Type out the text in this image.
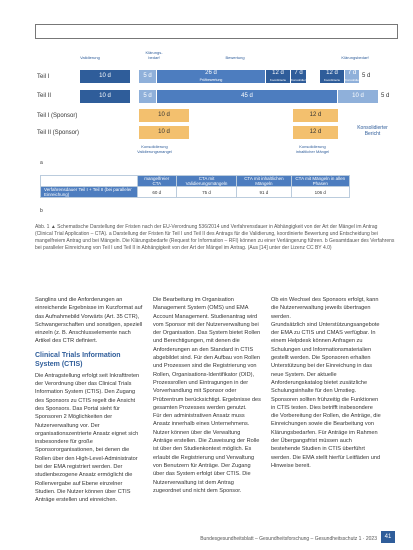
Validierung
Klärungs-
bedarf	Bewertung	Klärungsbedarf
Teil I
Teil II
Teil I (Sponsor)
Teil II (Sponsor)
10 d	5 d	26 d
Prüfbewertung
12 d
Koordinierte Bewertung
7 d
Konsolidierung
12 d
Koordinierte Bewertung
7 d
Konsolidierung
5 d
10 d	5 d	45 d	10 d	5 d
10 d	12 d
10 d	12 d
Konsolidierung
Validierungsmangel
Konsolidierung
inhaltlicher Mängel
Konsolidierter
Bericht
a
	mangelfreier CTA	CTA mit Validierungsmängeln	CTA mit inhaltlichen Mängeln	CTA mit Mängeln in allen Phasen
Verfahrensdauer Teil I + Teil II (bei paralleler Einreichung)	60 d	75 d	91 d	106 d
b
Abb. 1 ▲ Schematische Darstellung der Fristen nach der EU-Verordnung 536/2014 und Verfahrensdauer in Abhängigkeit von der Art der Mängel im Antrag (Clinical Trial Application – CTA). a Darstellung der Fristen für Teil I und Teil II des Antrags für die Validierung, koordinierte Bewertung und Entscheidung bei mangelfreiem Antrag und bei Mängeln. Die Klärungsbedarfe (Request for Information – RFI) können zu einer Verlängerung führen. b Gesamtdauer des Verfahrens bei paralleler Einreichung von Teil I und Teil II in Abhängigkeit von der Art der Mängel im Antrag. (Aus [14] unter der Lizenz CC BY 4.0)

Sanglins und die Anforderungen an einreichende Ergebnisse im Kurzformat auf das Aufnahmebild Vorwärts (Art. 35 CTR), Schwangerschaften und sonstigen, speziell einzeln (z. B. Anschlusselemente nach Artikel des CTR definiert.

Clinical Trials Information System (CTIS)

Die Antragstellung erfolgt seit Inkrafttreten der Verordnung über das Clinical Trials Information System (CTIS). Den Zugang des Sponsors zu CTIS regelt die Ansicht des Sponsors. Das Portal sieht für Sponsoren 2 Möglichkeiten der Nutzerverwaltung vor. Der organisationszentrierte Ansatz eignet sich insbesondere für große Sponsororganisationen, bei denen die Rollen über den High-Level-Administrator bei der EMA registriert werden. Der studienbezogene Ansatz ermöglicht die Rollenvergabe auf Ebene einzelner Studien. Die Nutzer können über CTIS Anträge erstellen und einreichen.

Die Bearbeitung im Organisation Management System (OMS) und EMA Account Management. Studienantrag wird vom Sponsor mit der Nutzerverwaltung bei der Organisation. Das System bietet Rollen und Berechtigungen, mit denen die Anforderungen an den Standard in CTIS abgebildet sind. Für den Aufbau von Rollen und Prozessen sind die Registrierung von Rollen, Organisations-Identifikator (OID), Prozessrollen und Eintragungen in der Vorverhandlung mit Sponsor oder Prüfzentrum berücksichtigt. Ergebnisse des gesamten Prozesses werden genutzt.

Für den administrativen Ansatz muss Ansatz innerhalb eines Unternehmens. Nutzer können über die Verwaltung Anträge erstellen. Die Zuweisung der Rolle ist über den Studienkontext möglich. Es erlaubt die Registrierung und Verwaltung von Benutzern für Anträge. Der Zugang über das System erfolgt über CTIS. Die Nutzerverwaltung ist dem Antrag zugeordnet und nicht dem Sponsor.

Ob ein Wechsel des Sponsors erfolgt, kann die Nutzerverwaltung jeweils übertragen werden.

Grundsätzlich sind Unterstützungsangebote der EMA zu CTIS und CMAS verfügbar. In einem Helpdesk können Anfragen zu Schulungen und Informationsmaterialien gestellt werden. Die Sponsoren erhalten Unterstützung bei der Einreichung in das neue System. Der aktuelle Anforderungskatalog bietet zusätzliche Schulungsinhalte für den Umstieg.

Sponsoren sollten frühzeitig die Funktionen in CTIS testen. Dies betrifft insbesondere die Vorbereitung der Rollen, die Anträge, die Einreichungen sowie die Bearbeitung von Klärungsbedarfen. Für Anträge im Rahmen der Übergangsfrist müssen auch bestehende Studien in CTIS überführt werden. Die EMA stellt hierfür Leitfäden und Hinweise bereit.

Bundesgesundheitsblatt – Gesundheitsforschung – Gesundheitsschutz 1 · 2023	41
